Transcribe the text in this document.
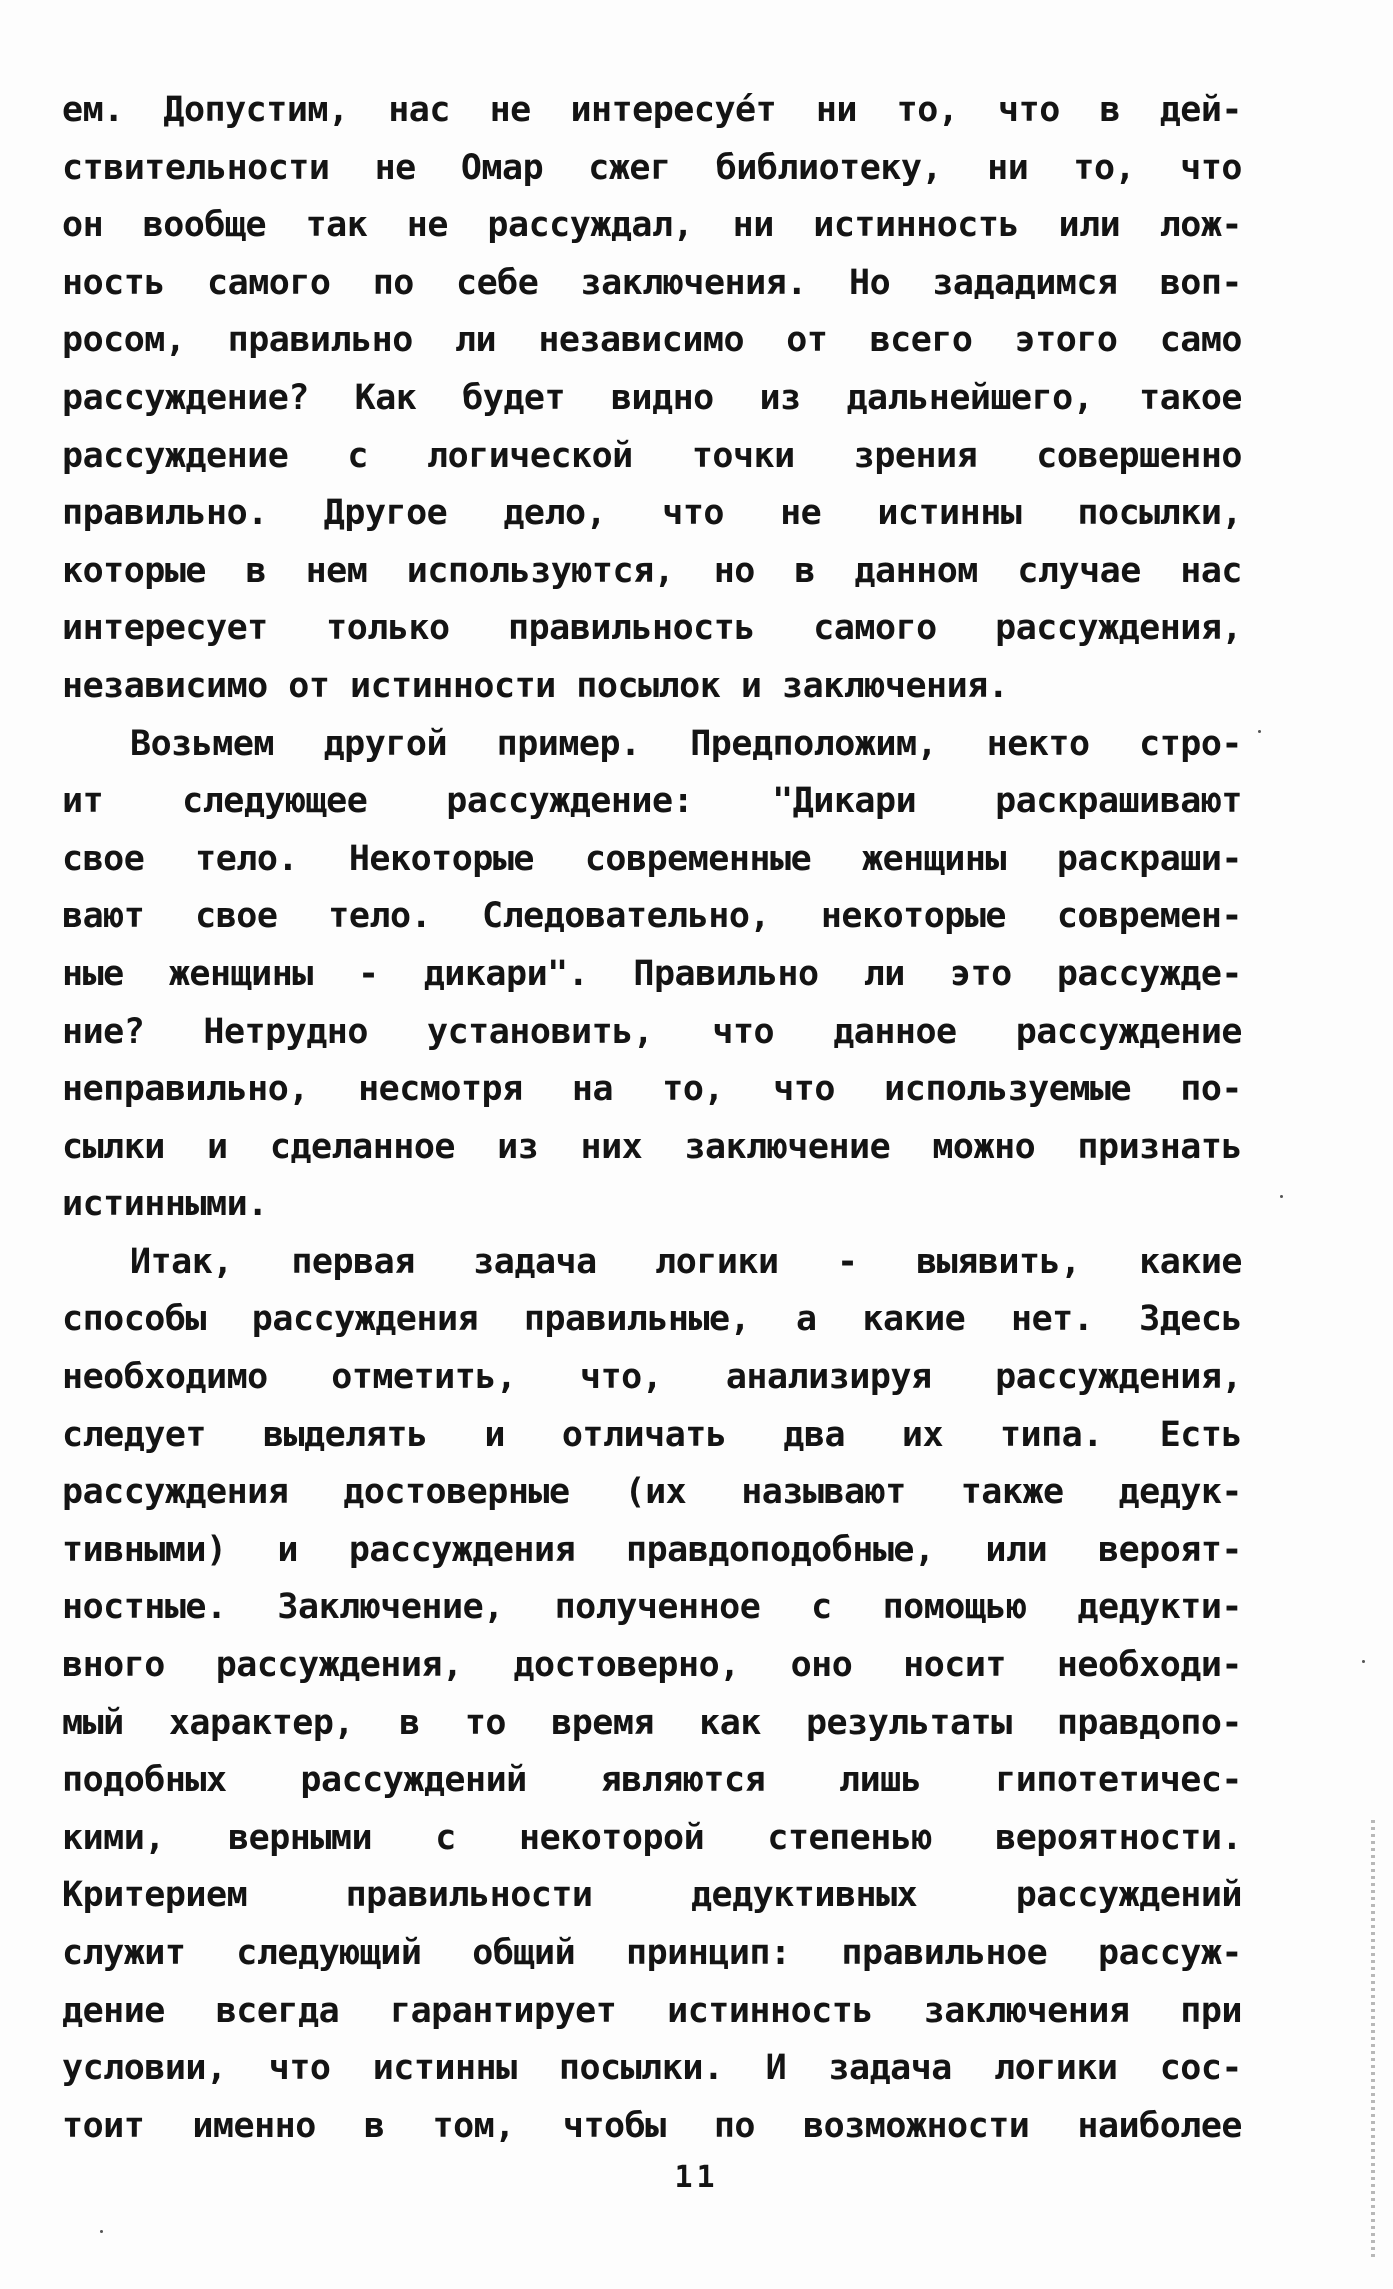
ем. Допустим, нас не интересуе́т ни то, что в дей-
ствительности не Омар сжег библиотеку, ни то, что
он вообще так не рассуждал, ни истинность или лож-
ность самого по себе заключения. Но зададимся воп-
росом, правильно ли независимо от всего этого само
рассуждение? Как будет видно из дальнейшего, такое
рассуждение с логической точки зрения совершенно
правильно. Другое дело, что не истинны посылки,
которые в нем используются, но в данном случае нас
интересует только правильность самого рассуждения,
независимо от истинности посылок и заключения.
Возьмем другой пример. Предположим, некто стро-
ит следующее рассуждение: "Дикари раскрашивают
свое тело. Некоторые современные женщины раскраши-
вают свое тело. Следовательно, некоторые современ-
ные женщины - дикари". Правильно ли это рассужде-
ние? Нетрудно установить, что данное рассуждение
неправильно, несмотря на то, что используемые по-
сылки и сделанное из них заключение можно признать
истинными.
Итак, первая задача логики - выявить, какие
способы рассуждения правильные, а какие нет. Здесь
необходимо отметить, что, анализируя рассуждения,
следует выделять и отличать два их типа. Есть
рассуждения достоверные (их называют также дедук-
тивными) и рассуждения правдоподобные, или вероят-
ностные. Заключение, полученное с помощью дедукти-
вного рассуждения, достоверно, оно носит необходи-
мый характер, в то время как результаты правдопо-
подобных рассуждений являются лишь гипотетичес-
кими, верными с некоторой степенью вероятности.
Критерием правильности дедуктивных рассуждений
служит следующий общий принцип: правильное рассуж-
дение всегда гарантирует истинность заключения при
условии, что истинны посылки. И задача логики сос-
тоит именно в том, чтобы по возможности наиболее
11
